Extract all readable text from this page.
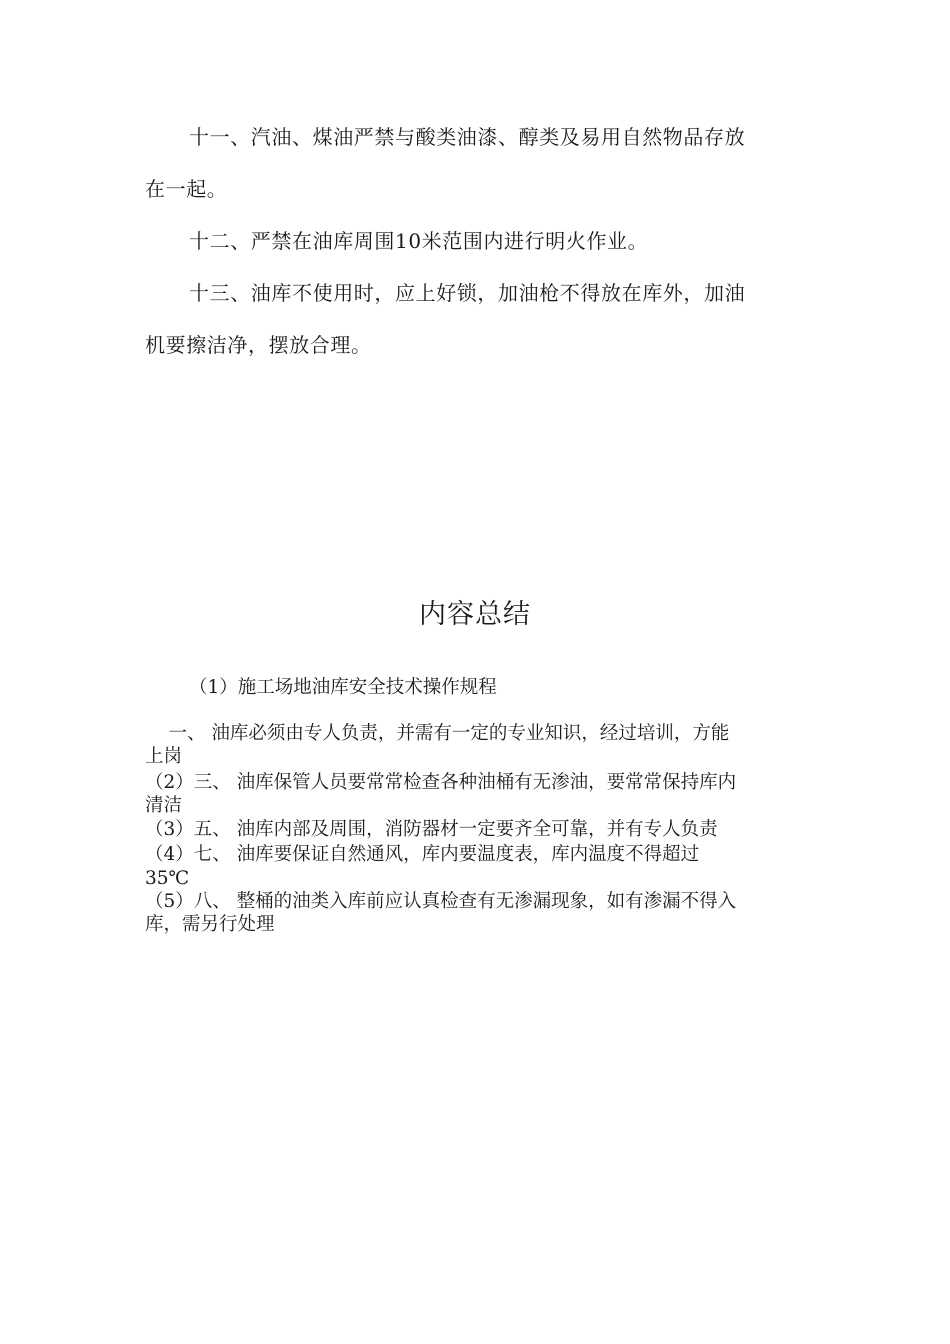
十一、汽油、煤油严禁与酸类油漆、醇类及易用自然物品存放
在一起。
十二、严禁在油库周围10米范围内进行明火作业。
十三、油库不使用时，应上好锁，加油枪不得放在库外，加油
机要擦洁净，摆放合理。
内容总结
（1）施工场地油库安全技术操作规程
一、 油库必须由专人负责，并需有一定的专业知识，经过培训，方能
上岗
（2）三、 油库保管人员要常常检查各种油桶有无渗油，要常常保持库内
清洁
（3）五、 油库内部及周围，消防器材一定要齐全可靠，并有专人负责
（4）七、 油库要保证自然通风，库内要温度表，库内温度不得超过
35℃
（5）八、 整桶的油类入库前应认真检查有无渗漏现象，如有渗漏不得入
库，需另行处理
